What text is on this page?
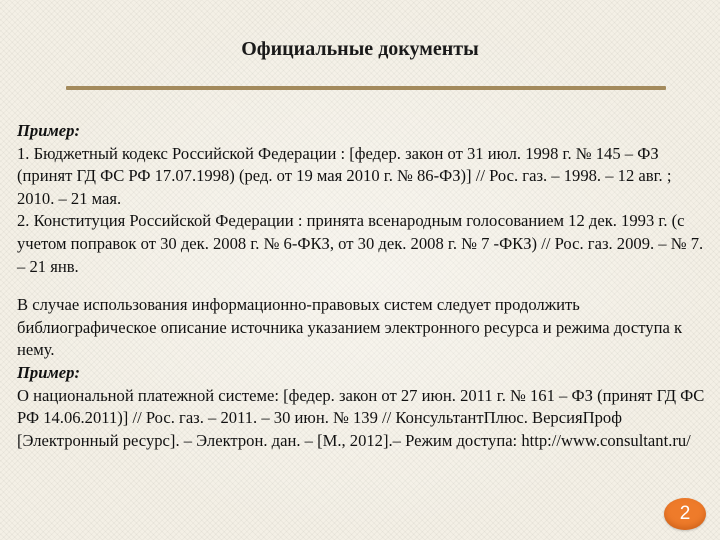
Официальные документы

Пример:

1. Бюджетный кодекс Российской Федерации : [федер. закон от 31 июл. 1998 г. № 145 – ФЗ (принят ГД ФС РФ 17.07.1998) (ред. от 19 мая 2010 г. № 86-ФЗ)] // Рос. газ. – 1998. – 12 авг. ; 2010. – 21 мая.

2. Конституция Российской Федерации : принята всенародным голосованием 12 дек. 1993 г. (с учетом поправок от 30 дек. 2008 г. № 6-ФКЗ, от 30 дек. 2008 г. № 7 -ФКЗ) // Рос. газ. 2009. – № 7. – 21 янв.

В случае использования информационно-правовых систем следует продолжить библиографическое описание источника указанием электронного ресурса и режима доступа к нему.

Пример:

О национальной платежной системе: [федер. закон от 27 июн. 2011 г. № 161 – ФЗ (принят ГД ФС РФ 14.06.2011)] // Рос. газ. – 2011. – 30 июн. № 139 // КонсультантПлюс. ВерсияПроф [Электронный ресурс]. – Электрон. дан. – [М., 2012].– Режим доступа: http://www.consultant.ru/

2
